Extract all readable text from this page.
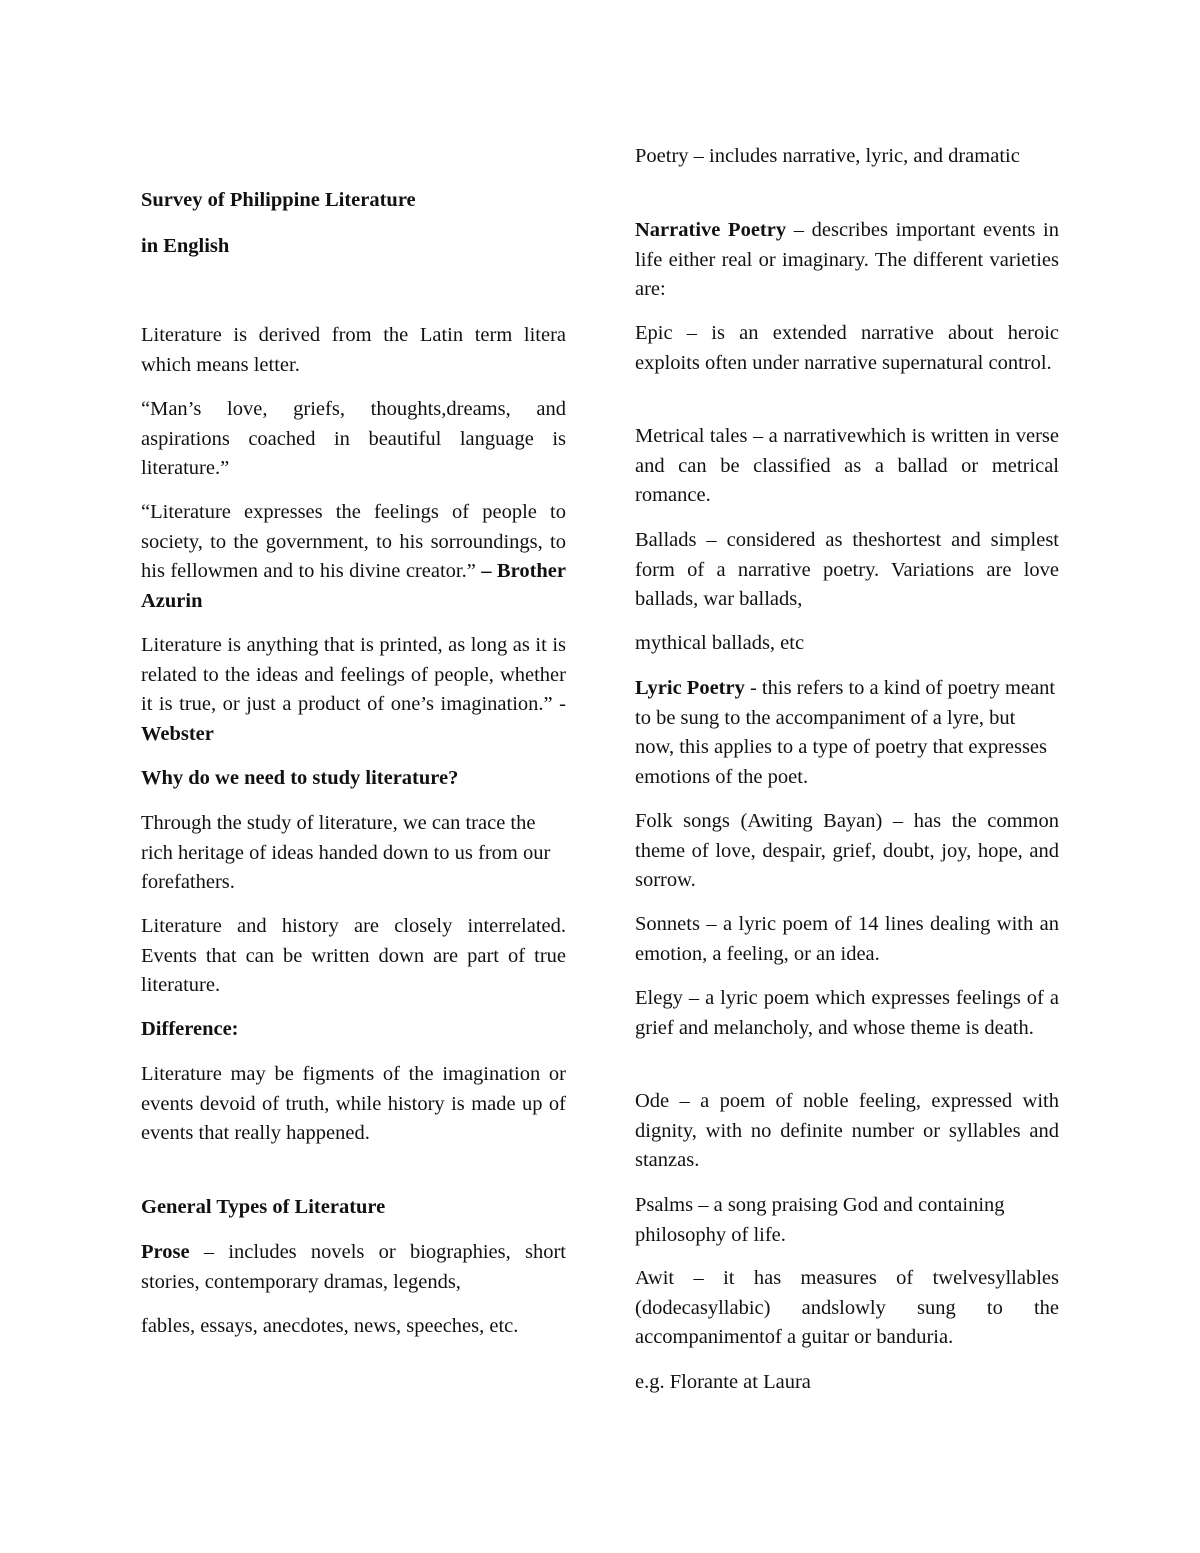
Survey of Philippine Literature
in English
Literature is derived from the Latin term litera which means letter.
“Man’s love, griefs, thoughts,dreams, and aspirations coached in beautiful language is literature.”
“Literature expresses the feelings of people to society, to the government, to his sorroundings, to his fellowmen and to his divine creator.” – Brother Azurin
Literature is anything that is printed, as long as it is related to the ideas and feelings of people, whether it is true, or just a product of one’s imagination.” -Webster
Why do we need to study literature?
Through the study of literature, we can trace the rich heritage of ideas handed down to us from our forefathers.
Literature and history are closely interrelated. Events that can be written down are part of true literature.
Difference:
Literature may be figments of the imagination or events devoid of truth, while history is made up of events that really happened.
General Types of Literature
Prose – includes novels or biographies, short stories, contemporary dramas, legends,
fables, essays, anecdotes, news, speeches, etc.
Poetry – includes narrative, lyric, and dramatic
Narrative Poetry – describes important events in life either real or imaginary. The different varieties are:
Epic – is an extended narrative about heroic exploits often under narrative supernatural control.
Metrical tales – a narrativewhich is written in verse and can be classified as a ballad or metrical romance.
Ballads – considered as theshortest and simplest form of a narrative poetry. Variations are love ballads, war ballads,
mythical ballads, etc
Lyric Poetry - this refers to a kind of poetry meant to be sung to the accompaniment of a lyre, but now, this applies to a type of poetry that expresses emotions of the poet.
Folk songs (Awiting Bayan) – has the common theme of love, despair, grief, doubt, joy, hope, and sorrow.
Sonnets – a lyric poem of 14 lines dealing with an emotion, a feeling, or an idea.
Elegy – a lyric poem which expresses feelings of a grief and melancholy, and whose theme is death.
Ode – a poem of noble feeling, expressed with dignity, with no definite number or syllables and stanzas.
Psalms – a song praising God and containing philosophy of life.
Awit – it has measures of twelvesyllables (dodecasyllabic) andslowly sung to the accompanimentof a guitar or banduria.
e.g. Florante at Laura
